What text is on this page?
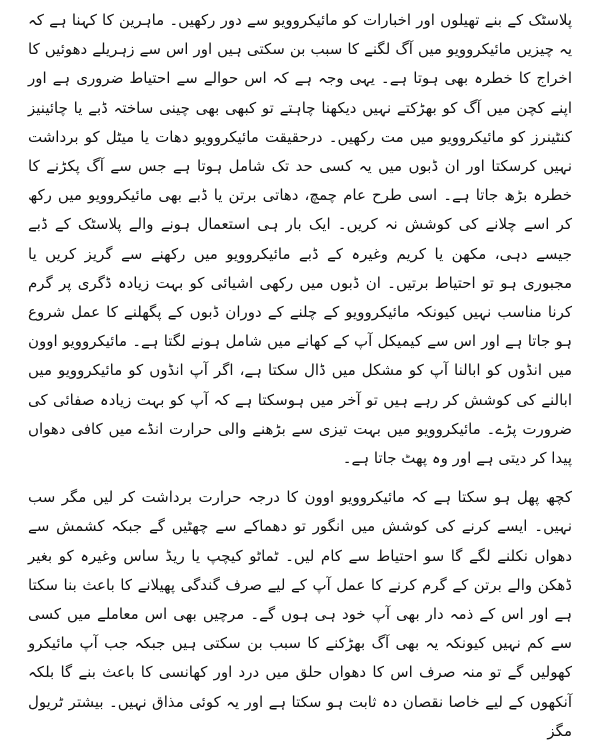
پلاسٹک کے بنے تھیلوں اور اخبارات کو مائیکروویو سے دور رکھیں۔ ماہرین کا کہنا ہے کہ یہ چیزیں مائیکروویو میں آگ لگنے کا سبب بن سکتی ہیں اور اس سے زہریلے دھوئیں کا اخراج کا خطرہ بھی ہوتا ہے۔ یہی وجہ ہے کہ اس حوالے سے احتیاط ضروری ہے اور اپنے کچن میں آگ کو بھڑکتے نہیں دیکھنا چاہتے تو کبھی بھی چینی ساختہ ڈبے یا چائینیز کنٹینرز کو مائیکروویو میں مت رکھیں۔ درحقیقت مائیکروویو دھات یا میٹل کو برداشت نہیں کرسکتا اور ان ڈبوں میں یہ کسی حد تک شامل ہوتا ہے جس سے آگ پکڑنے کا خطرہ بڑھ جاتا ہے۔ اسی طرح عام چمچ، دھاتی برتن یا ڈبے بھی مائیکروویو میں رکھ کر اسے چلانے کی کوشش نہ کریں۔ ایک بار ہی استعمال ہونے والے پلاسٹک کے ڈبے جیسے دہی، مکھن یا کریم وغیرہ کے ڈبے مائیکروویو میں رکھنے سے گریز کریں یا مجبوری ہو تو احتیاط برتیں۔ ان ڈبوں میں رکھی اشیائی کو بہت زیادہ ڈگری پر گرم کرنا مناسب نہیں کیونکہ مائیکروویو کے چلنے کے دوران ڈبوں کے پگھلنے کا عمل شروع ہو جاتا ہے اور اس سے کیمیکل آپ کے کھانے میں شامل ہونے لگتا ہے۔ مائیکروویو اوون میں انڈوں کو ابالنا آپ کو مشکل میں ڈال سکتا ہے، اگر آپ انڈوں کو مائیکروویو میں ابالنے کی کوشش کر رہے ہیں تو آخر میں ہوسکتا ہے کہ آپ کو بہت زیادہ صفائی کی ضرورت پڑے۔ مائیکروویو میں بہت تیزی سے بڑھنے والی حرارت انڈے میں کافی دھواں پیدا کر دیتی ہے اور وہ پھٹ جاتا ہے۔

کچھ پھل ہو سکتا ہے کہ مائیکروویو اوون کا درجہ حرارت برداشت کر لیں مگر سب نہیں۔ ایسے کرنے کی کوشش میں انگور تو دھماکے سے چھٹیں گے جبکہ کشمش سے دھواں نکلنے لگے گا سو احتیاط سے کام لیں۔ ٹماٹو کیچپ یا ریڈ ساس وغیرہ کو بغیر ڈھکن والے برتن کے گرم کرنے کا عمل آپ کے لیے صرف گندگی پھیلانے کا باعث بنا سکتا ہے اور اس کے ذمہ دار بھی آپ خود ہی ہوں گے۔ مرچیں بھی اس معاملے میں کسی سے کم نہیں کیونکہ یہ بھی آگ بھڑکنے کا سبب بن سکتی ہیں جبکہ جب آپ مائیکرو کھولیں گے تو منہ صرف اس کا دھواں حلق میں درد اور کھانسی کا باعث بنے گا بلکہ آنکھوں کے لیے خاصا نقصان دہ ثابت ہو سکتا ہے اور یہ کوئی مذاق نہیں۔ بیشتر ٹریول مگز
